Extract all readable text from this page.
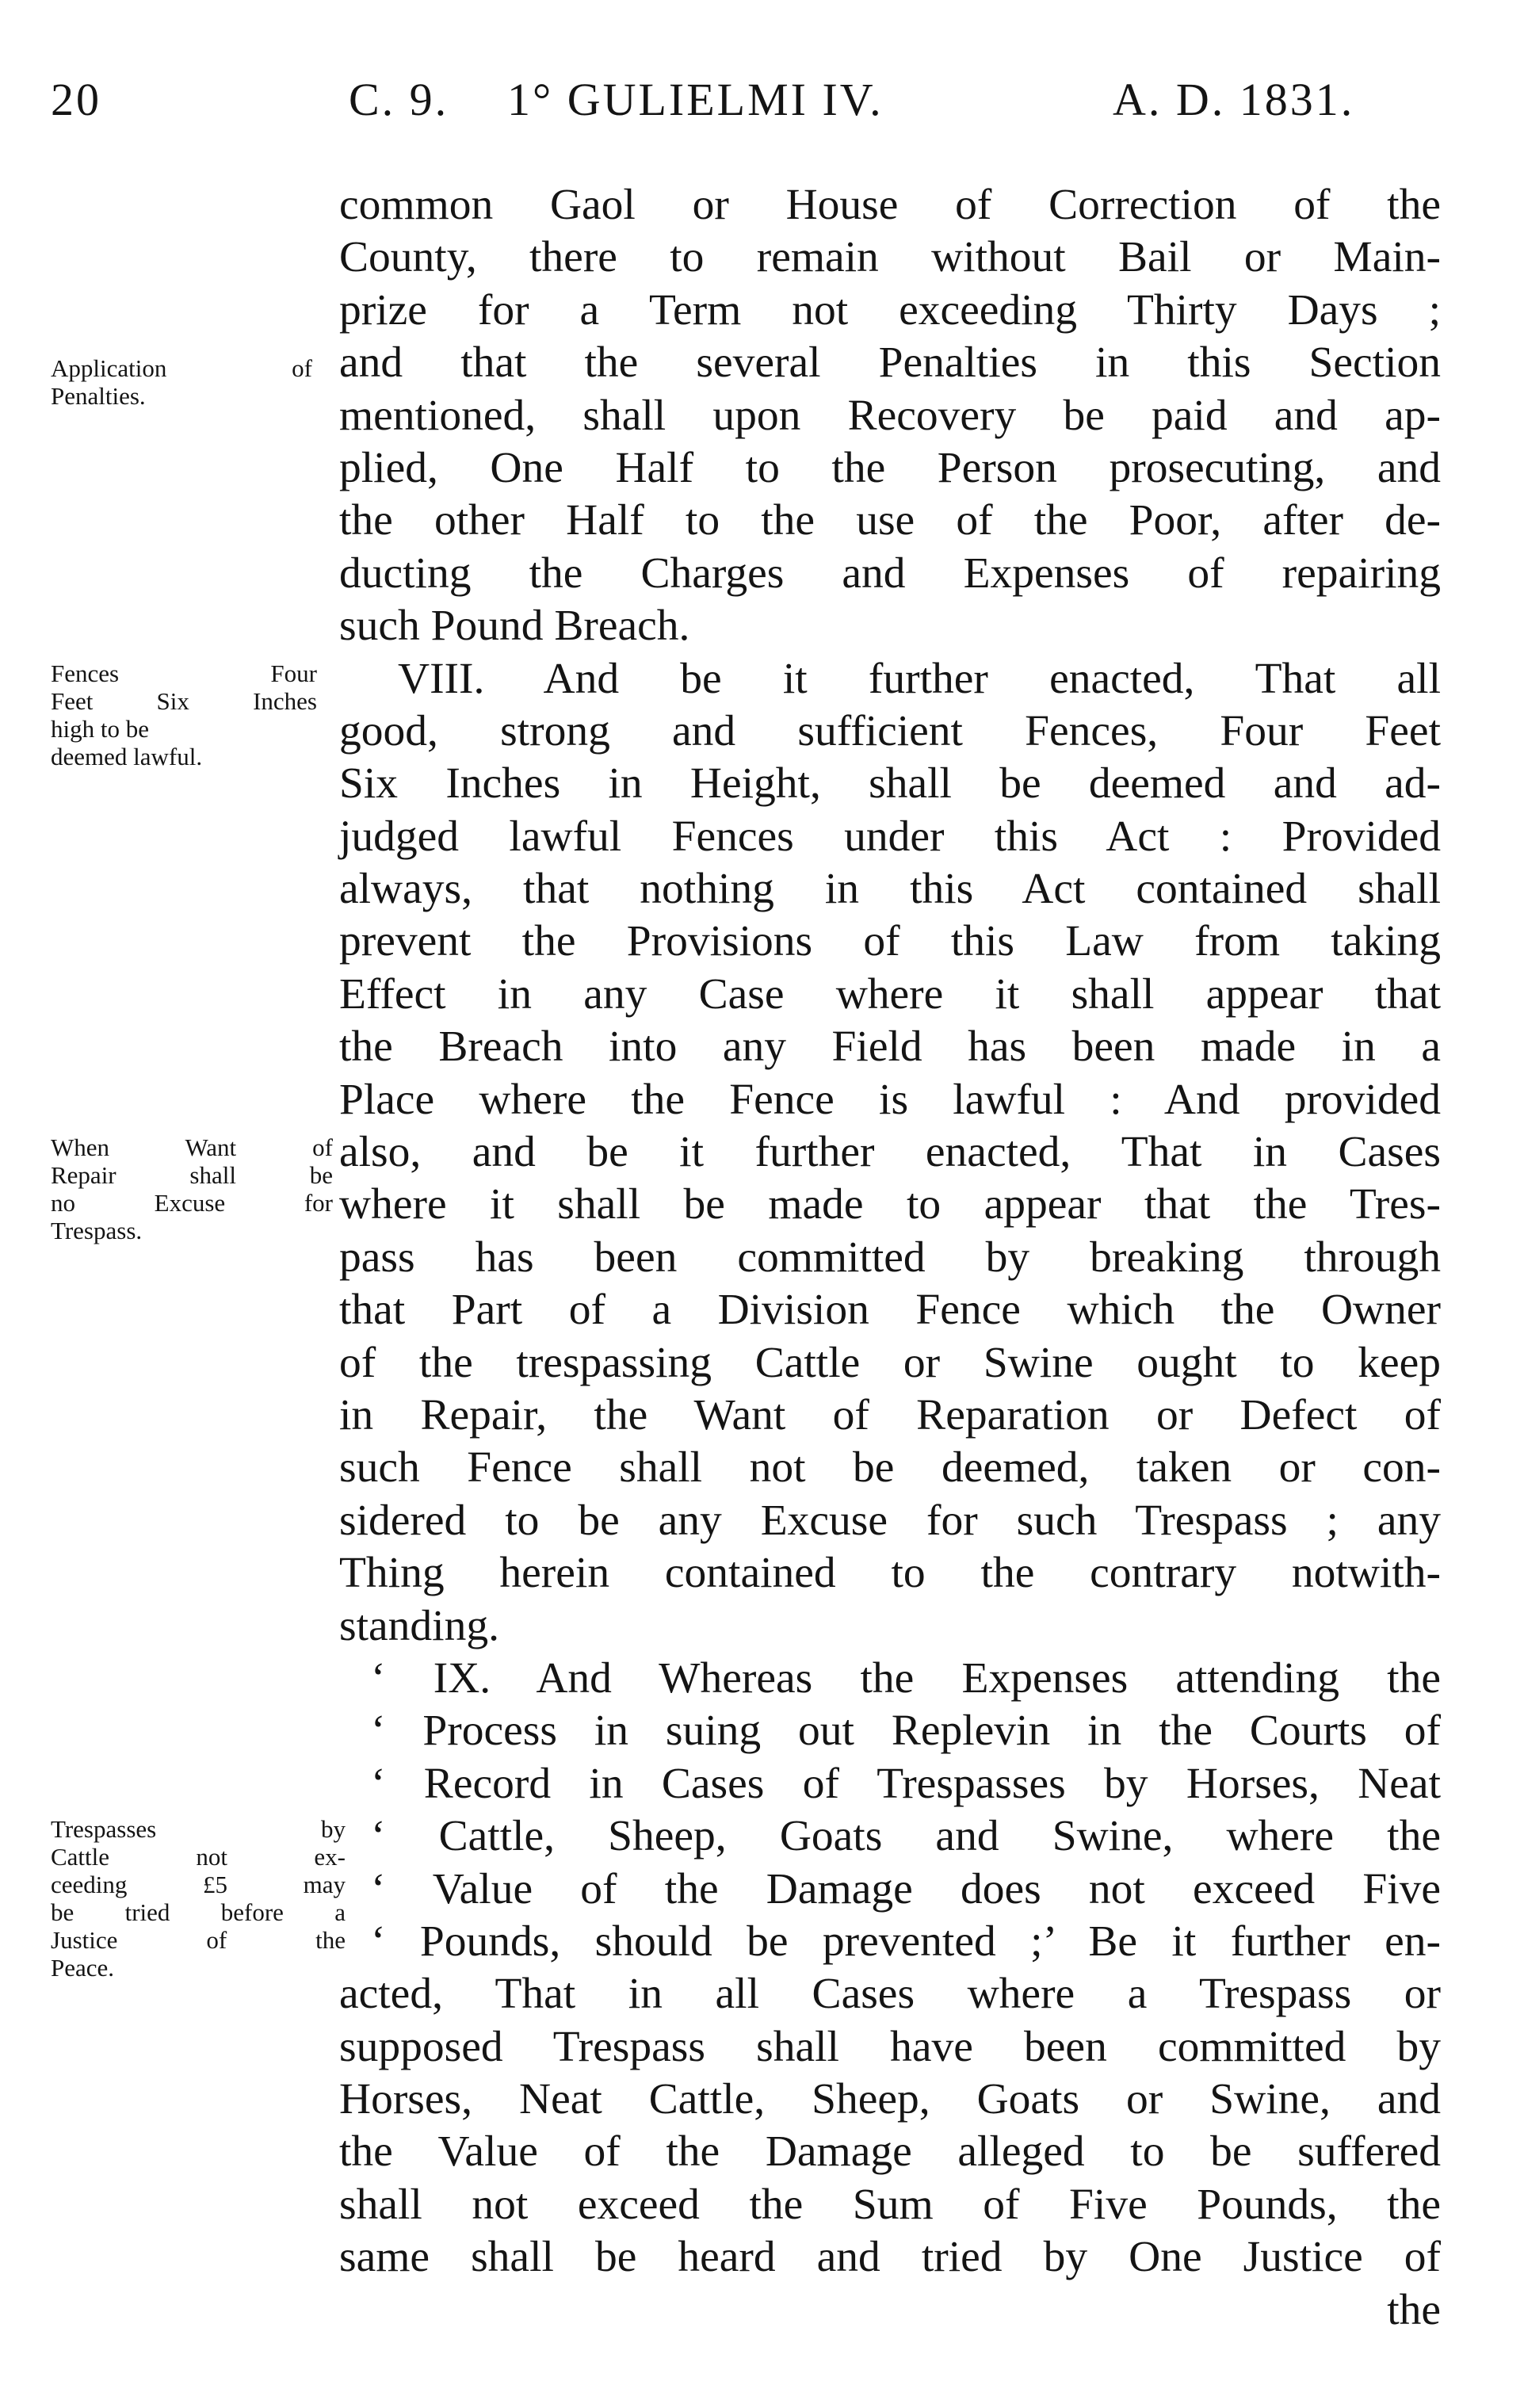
20	C. 9. 1° GULIELMI IV.	A. D. 1831.
Application of
Penalties.
Fences Four
Feet Six Inches
high to be
deemed lawful.
When Want of
Repair shall be
no Excuse for
Trespass.
Trespasses by
Cattle not ex-
ceeding £5 may
be tried before a
Justice of the
Peace.
common Gaol or House of Correction of the
County, there to remain without Bail or Main-
prize for a Term not exceeding Thirty Days ;
and that the several Penalties in this Section
mentioned, shall upon Recovery be paid and ap-
plied, One Half to the Person prosecuting, and
the other Half to the use of the Poor, after de-
ducting the Charges and Expenses of repairing
such Pound Breach.
VIII. And be it further enacted, That all
good, strong and sufficient Fences, Four Feet
Six Inches in Height, shall be deemed and ad-
judged lawful Fences under this Act : Provided
always, that nothing in this Act contained shall
prevent the Provisions of this Law from taking
Effect in any Case where it shall appear that
the Breach into any Field has been made in a
Place where the Fence is lawful : And provided
also, and be it further enacted, That in Cases
where it shall be made to appear that the Tres-
pass has been committed by breaking through
that Part of a Division Fence which the Owner
of the trespassing Cattle or Swine ought to keep
in Repair, the Want of Reparation or Defect of
such Fence shall not be deemed, taken or con-
sidered to be any Excuse for such Trespass ; any
Thing herein contained to the contrary notwith-
standing.
‘ IX. And Whereas the Expenses attending the
‘ Process in suing out Replevin in the Courts of
‘ Record in Cases of Trespasses by Horses, Neat
‘ Cattle, Sheep, Goats and Swine, where the
‘ Value of the Damage does not exceed Five
‘ Pounds, should be prevented ;’ Be it further en-
acted, That in all Cases where a Trespass or
supposed Trespass shall have been committed by
Horses, Neat Cattle, Sheep, Goats or Swine, and
the Value of the Damage alleged to be suffered
shall not exceed the Sum of Five Pounds, the
same shall be heard and tried by One Justice of
the
